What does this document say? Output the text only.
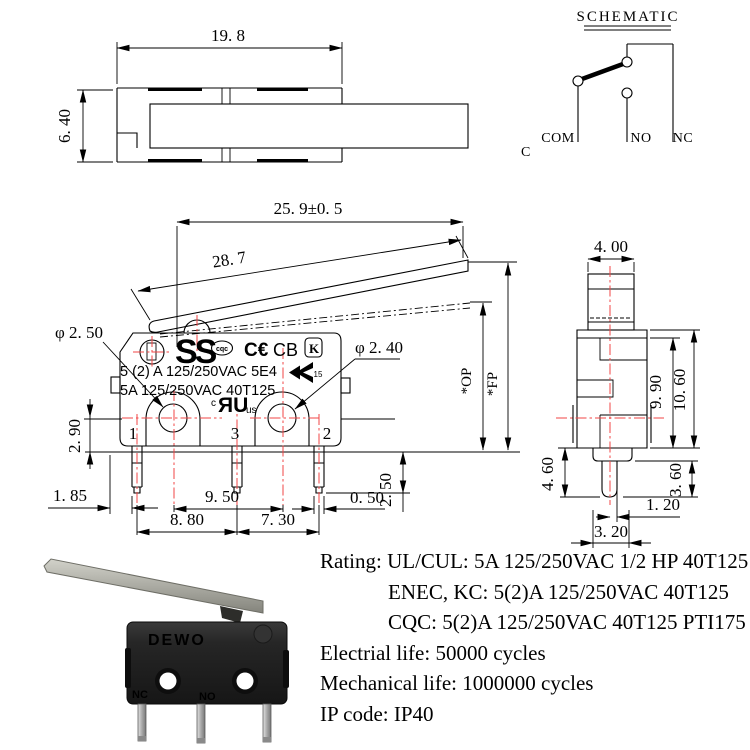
19. 8
6. 40
SCHEMATIC
COM	NO NC
C
SS cqc C€ CB K
5 (2) A 125/250VAC 5E4
5A 125/250VAC 40T125
15
c ЯU
us
1	3	2
25. 9±0. 5
28. 7
φ 2. 50
φ 2. 40
2. 90
1. 85	9. 50
8. 80	7. 30
0. 50
2. 50
*OP *FP
4. 00
9. 90 10. 60
4. 60	3. 60
1. 20
3. 20
DEWO
NC	NO
Rating: UL/CUL: 5A 125/250VAC 1/2 HP 40T125
ENEC, KC: 5(2)A 125/250VAC 40T125
CQC: 5(2)A 125/250VAC 40T125 PTI175
Electrial life: 50000 cycles
Mechanical life: 1000000 cycles
IP code: IP40
